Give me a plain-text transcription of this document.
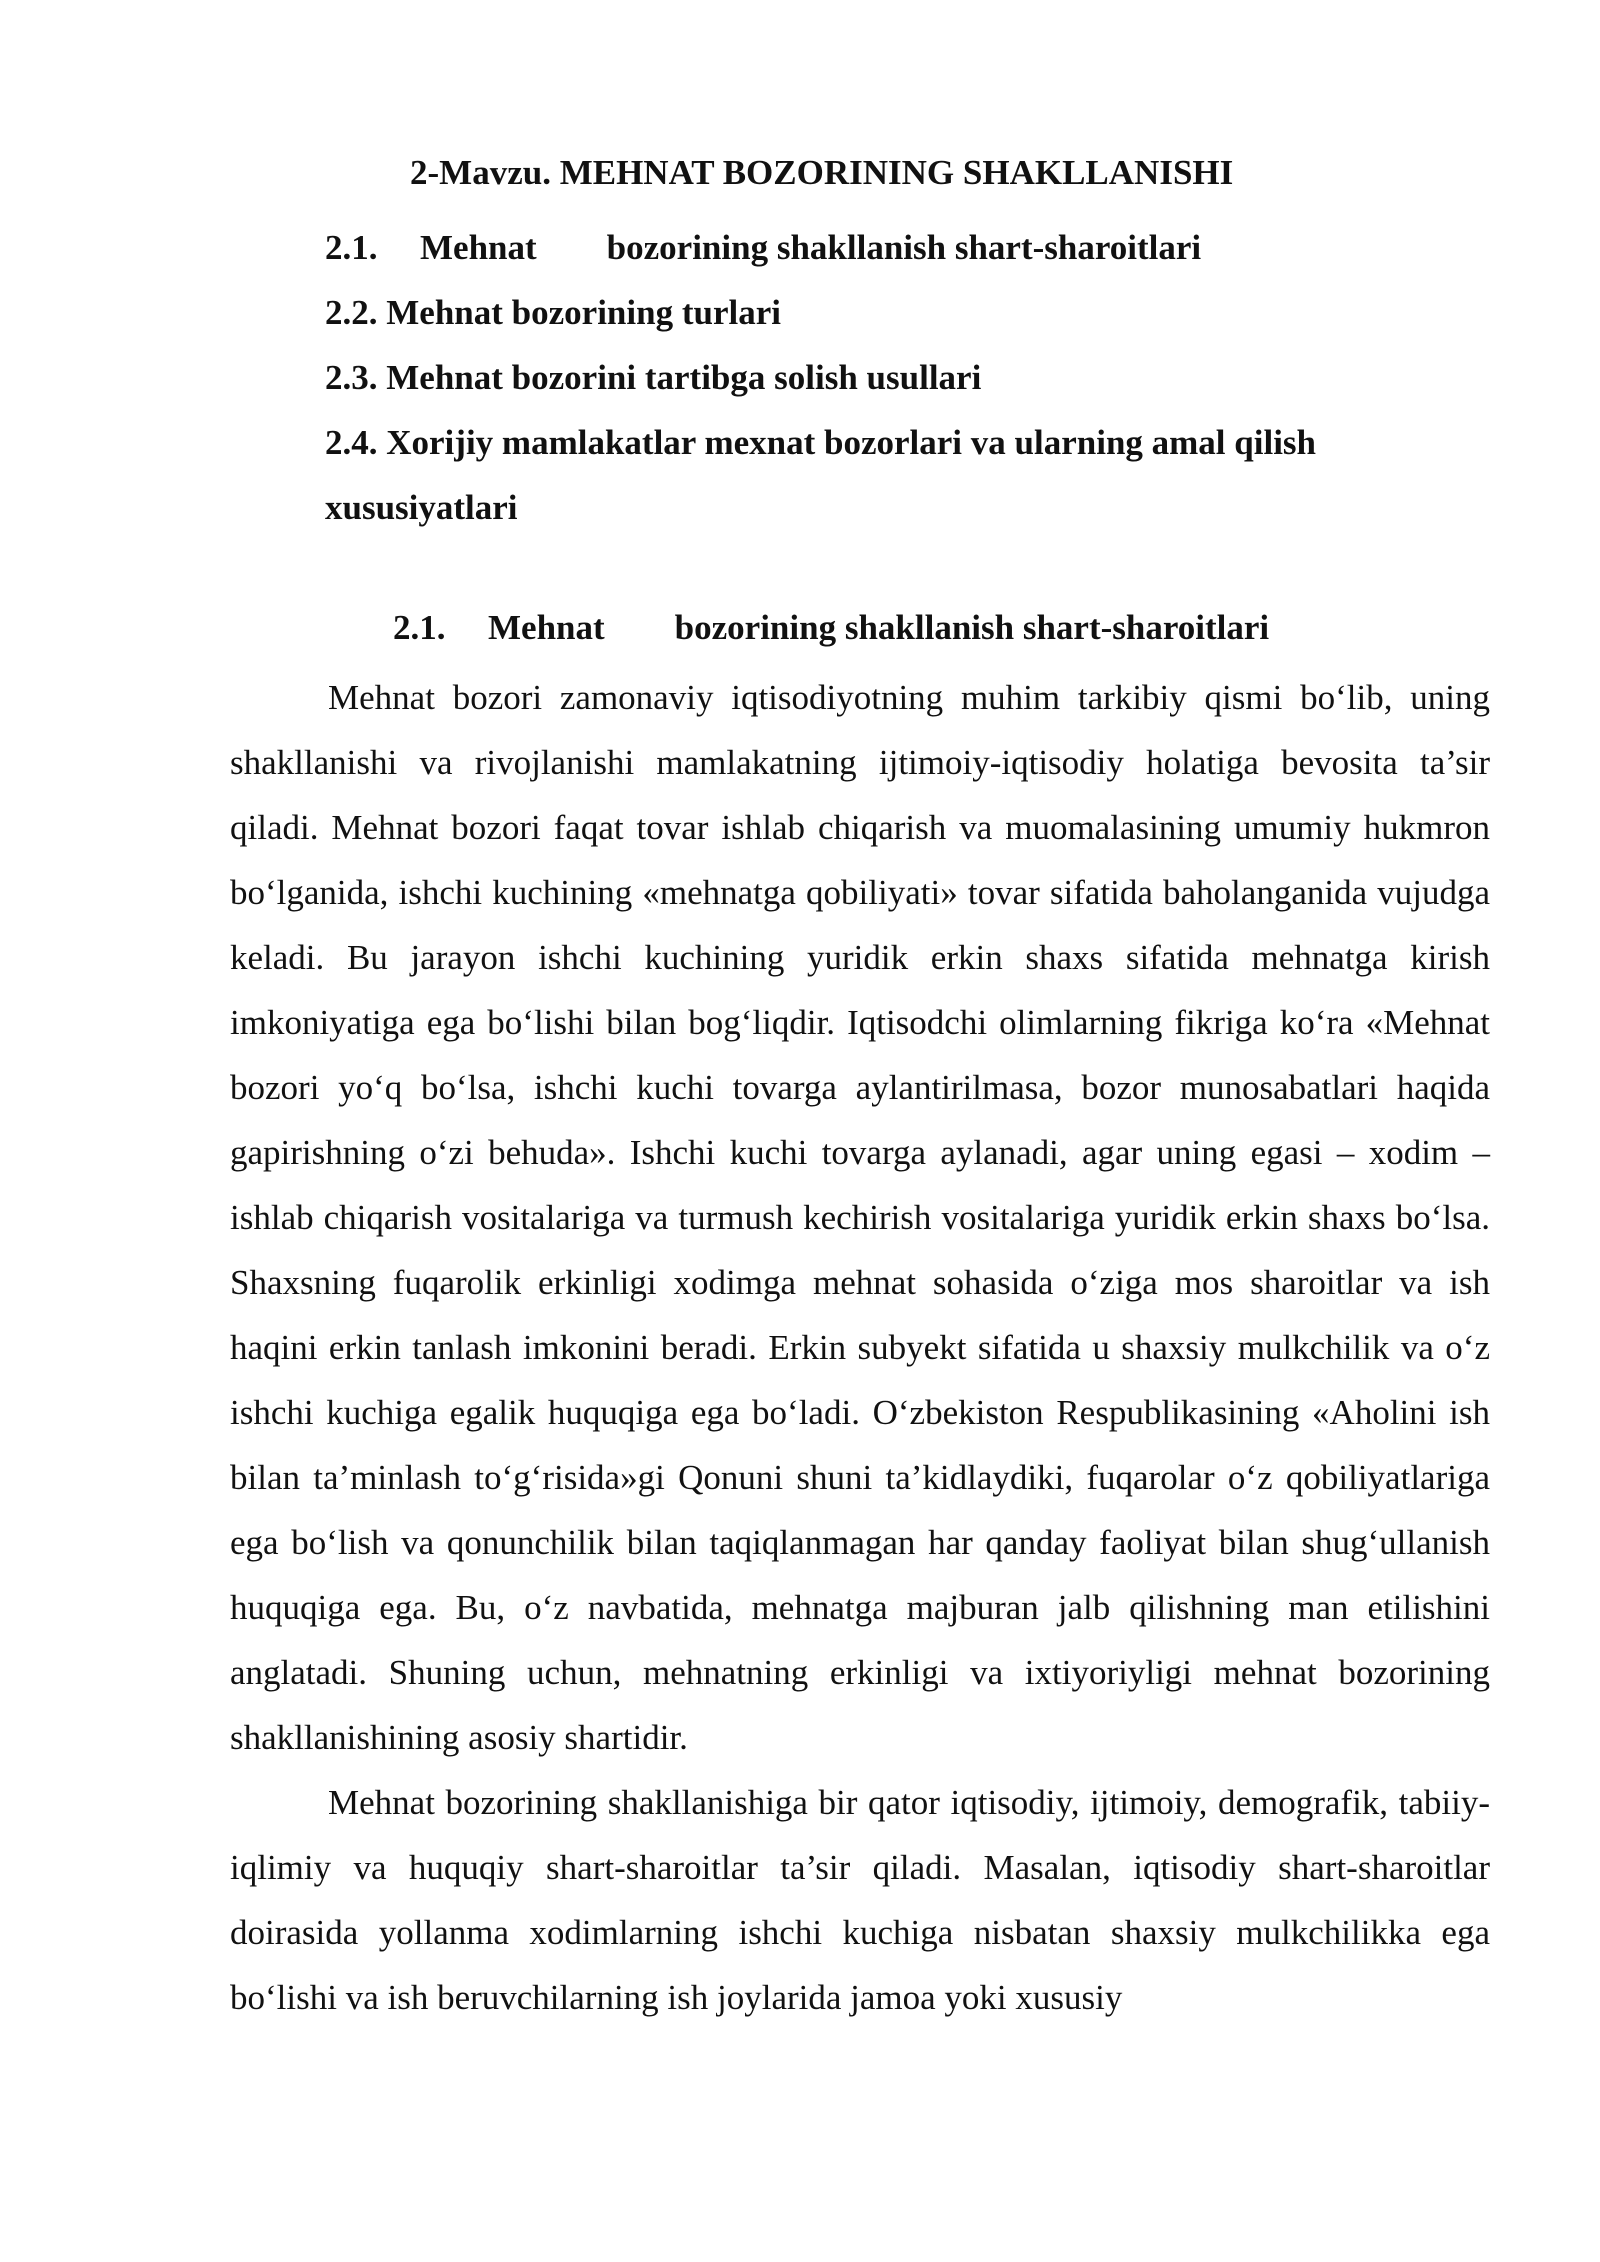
2-Mavzu. MEHNAT BOZORINING SHAKLLANISHI
2.1. Mehnat bozorining shakllanish shart-sharoitlari
2.2. Mehnat bozorining turlari
2.3. Mehnat bozorini tartibga solish usullari
2.4. Xorijiy mamlakatlar mexnat bozorlari va ularning amal qilish xususiyatlari
2.1. Mehnat bozorining shakllanish shart-sharoitlari

Mehnat bozori zamonaviy iqtisodiyotning muhim tarkibiy qismi bo‘lib, uning shakllanishi va rivojlanishi mamlakatning ijtimoiy-iqtisodiy holatiga bevosita ta’sir qiladi. Mehnat bozori faqat tovar ishlab chiqarish va muomalasining umumiy hukmron bo‘lganida, ishchi kuchining «mehnatga qobiliyati» tovar sifatida baholanganida vujudga keladi. Bu jarayon ishchi kuchining yuridik erkin shaxs sifatida mehnatga kirish imkoniyatiga ega bo‘lishi bilan bog‘liqdir. Iqtisodchi olimlarning fikriga ko‘ra «Mehnat bozori yo‘q bo‘lsa, ishchi kuchi tovarga aylantirilmasa, bozor munosabatlari haqida gapirishning o‘zi behuda». Ishchi kuchi tovarga aylanadi, agar uning egasi – xodim – ishlab chiqarish vositalariga va turmush kechirish vositalariga yuridik erkin shaxs bo‘lsa. Shaxsning fuqarolik erkinligi xodimga mehnat sohasida o‘ziga mos sharoitlar va ish haqini erkin tanlash imkonini beradi. Erkin subyekt sifatida u shaxsiy mulkchilik va o‘z ishchi kuchiga egalik huquqiga ega bo‘ladi. O‘zbekiston Respublikasining «Aholini ish bilan ta’minlash to‘g‘risida»gi Qonuni shuni ta’kidlaydiki, fuqarolar o‘z qobiliyatlariga ega bo‘lish va qonunchilik bilan taqiqlanmagan har qanday faoliyat bilan shug‘ullanish huquqiga ega. Bu, o‘z navbatida, mehnatga majburan jalb qilishning man etilishini anglatadi. Shuning uchun, mehnatning erkinligi va ixtiyoriyligi mehnat bozorining shakllanishining asosiy shartidir.

Mehnat bozorining shakllanishiga bir qator iqtisodiy, ijtimoiy, demografik, tabiiy-iqlimiy va huquqiy shart-sharoitlar ta’sir qiladi. Masalan, iqtisodiy shart-sharoitlar doirasida yollanma xodimlarning ishchi kuchiga nisbatan shaxsiy mulkchilikka ega bo‘lishi va ish beruvchilarning ish joylarida jamoa yoki xususiy
